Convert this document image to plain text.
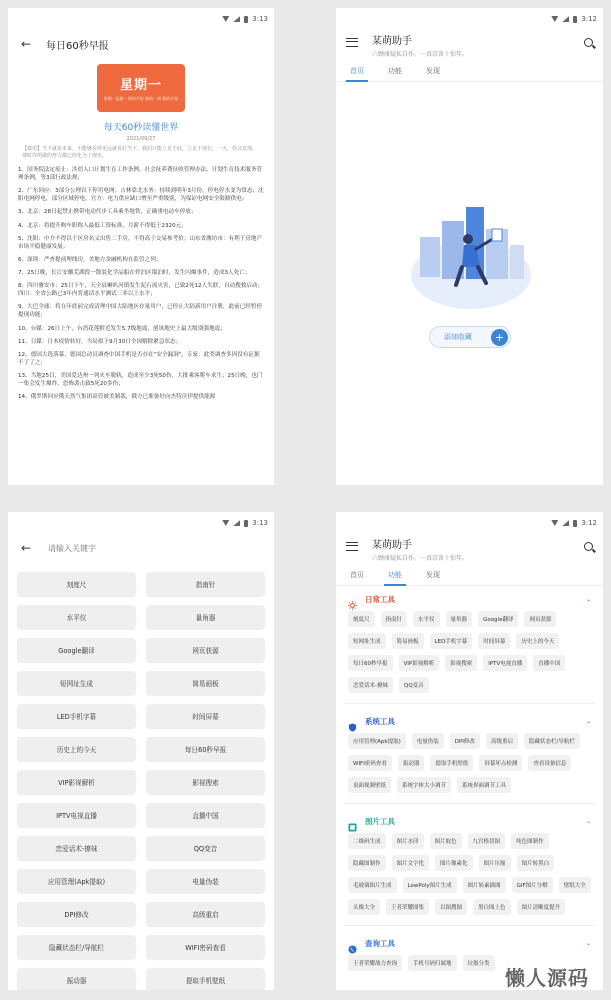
3:13
← 每日60秒早报
星期一
星期一是新一周的开始 新的一周 新的开始
每天60秒读懂世界
2021/09/27
【微语】当下就是未来。不能够看得更远就看好当下。我们只能立足于此，立足于现在，一天，你会发现，那时你所做的努力都已经化为了现实。

1、国务院法定废止：涉幼人口计划生育工作条例、社会抚养费征收管理办法、计划生育技术服务管理条例，等3部行政法规；

2、广东回应：3部分公理以下停用电网；吉林靠北水务：持续到明年3月份，停电停水变为常态；沈阳电网停电，部分区域停电，官方：电力供应缺口增至严重级别，为保证电网安全限制供电；

3、北京：28日起禁止携带电动代步工具乘坐地铁，正确重电动车停放；

4、北京：将提升购车职称人最低工资标准，月薪不得低于2320元；

5、沈阳：中介不得以于区房名义出售二手房，不得高于交易参考价；山东省潍坊市：有利于房地产市场平稳健康发展；

6、深圳：严查提前埋线房，美地方金融机构在监管之列；

7、25日晚，长江安徽芜湖段一散装化学品船在停泊区锚泊时，发生闪爆事件，造成3人死亡；

8、四川雅安市：25日下午，天全县喇叭河镇发生泥石流灾害，已致2死12人失联，自动搜救启动；四川：全省公路已3年内普通话水平测试三率以上水平；

9、大巴全球：将在年底前完成清理中国大陆地区存量用户，已停止大陆新用户注册，此前已经暂停提现功能；

10、台媒：26日上午，台湾花莲附近发生5.7级地震，创该地史上最大级别强地震；

11、日媒：日本疫情转好，当局拟于9月30日全国解除紧急状态；

12、德国大选落幕，德国总动员调查中国手机是否存在"安全漏洞"，专家：此类调查多因没有证据不了了之；

13、当地25日，美国爱达州一列火车脱轨，造成至少3死50伤，大批乘客爬车求生；25日晚，也门一集会发生爆炸，恐怖袭击致5死20多伤；

14、俄罗斯回应俄天然气集团高管被美制裁，俄方已准备好向杰特沃伊提供能源

3:12
某萌助手
六顾康疑私自作。一真京备十惊年。
首页	功能	发现
添加收藏	+
3:13
←
请输入关键字
刻度尺	指南针
水平仪	量角器
Google翻译	网页获源
短网址生成	简易画板
LED手机字幕	时间屏幕
历史上的今天	每日60秒早报
VIP影视解析	影视搜索
IPTV电视直播	直播中国
恋爱话术-撩妹	QQ变音
应用管理(Apk提取)	电量伪装
DPI修改	高级重启
隐藏状态栏/导航栏	WIFI密码查看
振动器	提取手机壁纸
3:12
某萌助手
六顾康疑私自作。一真京备十惊年。
首页	功能	发现
日常工具	⌄
刻度尺	指南针	水平仪	量角器	Google翻译	网页获源
短网址生成	简易画板	LED手机字幕	时间屏幕	历史上的今天
每日60秒早报	VIP影视解析	影视搜索	IPTV电视直播	直播中国
恋爱话术-撩妹	QQ变音
系统工具	⌄
应用管理(Apk提取)	电量伪装	DPI修改	高级重启	隐藏状态栏/导航栏
WIFI密码查看	振动器	提取手机壁纸	屏幕坏点检测	查看设备信息
桌面视频壁纸	系统字体大小调节	系统界面调节工具
图片工具	⌄
二维码生成	图片水印	图片取色	九宫格切图	纯色图制作
隐藏图制作	图片文字化	图片像素化	图片压缩	图片转黑白
毛玻璃图片生成	LowPoly图片生成	图片转素描图	GIF图片分解	壁纸大全
头像大全	王者荣耀图集	以图搜图	黑白图上色	图片清晰度提升
查询工具	⌄
王者荣耀战力查询	手机号码归属地	垃圾分类
懒人源码
